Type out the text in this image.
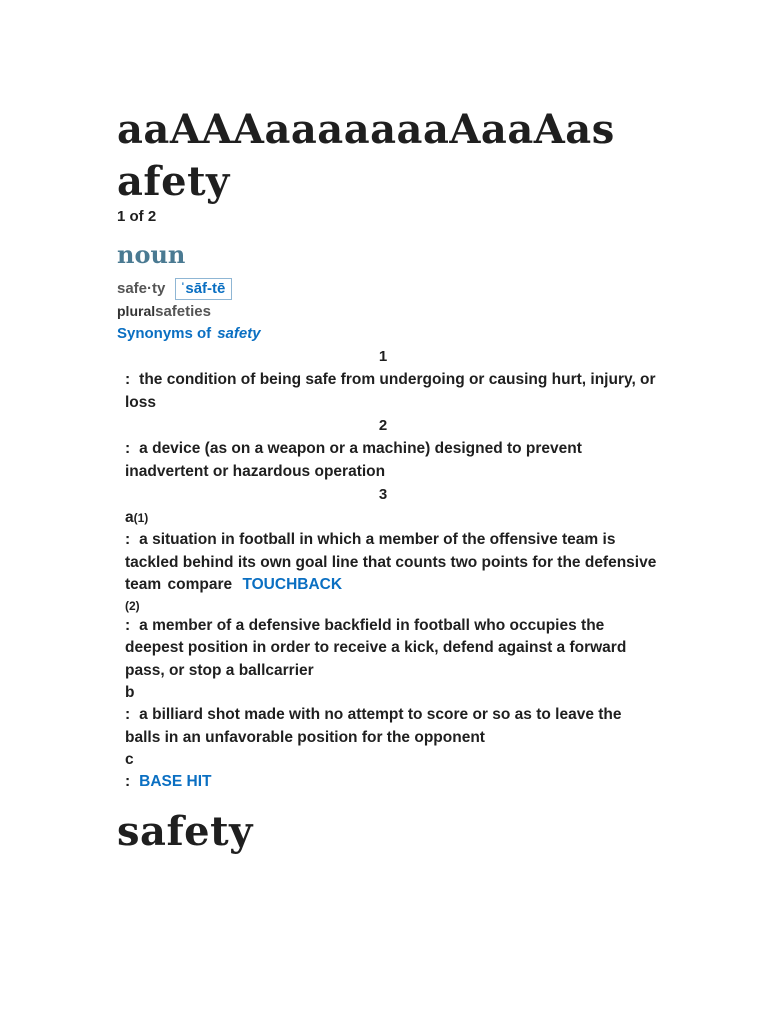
aaAAAaaaaaaaAaaAasafety
1 of 2
noun
safe·ty ˈsāf-tē
pluralsafeties
Synonyms of safety
1
: the condition of being safe from undergoing or causing hurt, injury, or loss
2
: a device (as on a weapon or a machine) designed to prevent inadvertent or hazardous operation
3
a(1)
: a situation in football in which a member of the offensive team is tackled behind its own goal line that counts two points for the defensive team compare TOUCHBACK
(2)
: a member of a defensive backfield in football who occupies the deepest position in order to receive a kick, defend against a forward pass, or stop a ballcarrier
b
: a billiard shot made with no attempt to score or so as to leave the balls in an unfavorable position for the opponent
c
: BASE HIT
safety
